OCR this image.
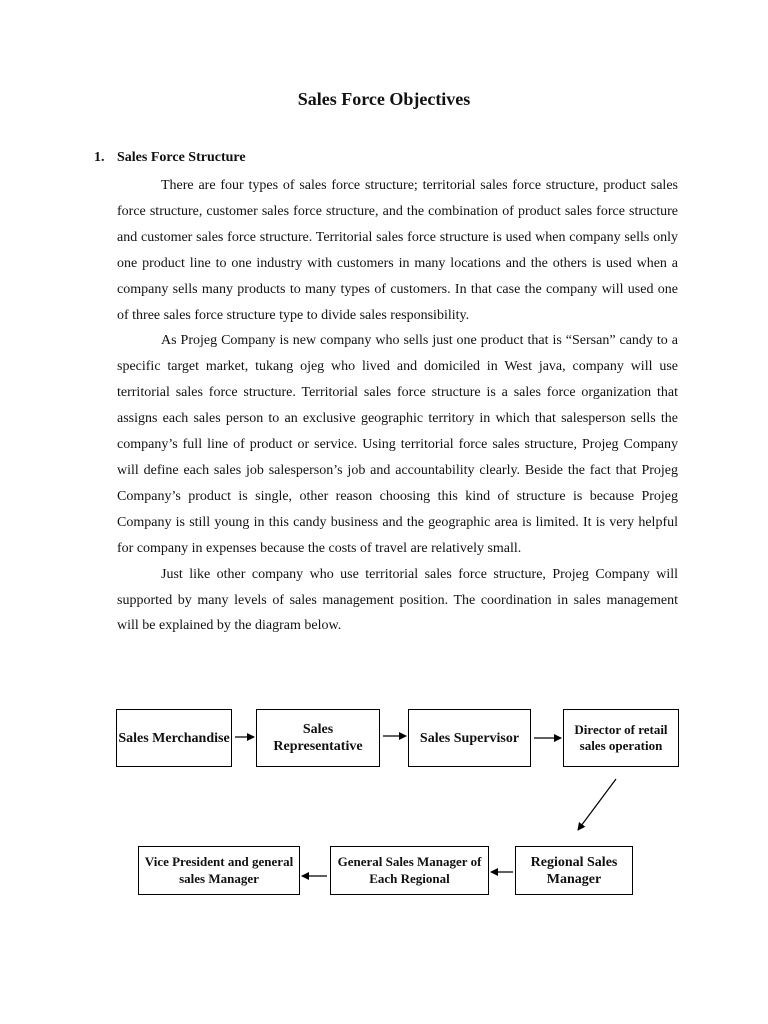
Sales Force Objectives
1. Sales Force Structure

There are four types of sales force structure; territorial sales force structure, product sales force structure, customer sales force structure, and the combination of product sales force structure and customer sales force structure. Territorial sales force structure is used when company sells only one product line to one industry with customers in many locations and the others is used when a company sells many products to many types of customers. In that case the company will used one of three sales force structure type to divide sales responsibility.

As Projeg Company is new company who sells just one product that is “Sersan” candy to a specific target market, tukang ojeg who lived and domiciled in West java, company will use territorial sales force structure. Territorial sales force structure is a sales force organization that assigns each sales person to an exclusive geographic territory in which that salesperson sells the company’s full line of product or service. Using territorial force sales structure, Projeg Company will define each sales job salesperson’s job and accountability clearly. Beside the fact that Projeg Company’s product is single, other reason choosing this kind of structure is because Projeg Company is still young in this candy business and the geographic area is limited. It is very helpful for company in expenses because the costs of travel are relatively small.

Just like other company who use territorial sales force structure, Projeg Company will supported by many levels of sales management position. The coordination in sales management will be explained by the diagram below.

Sales Merchandise
Sales Representative
Sales Supervisor
Director of retail sales operation
Vice President and general sales Manager
General Sales Manager of Each Regional
Regional Sales Manager
